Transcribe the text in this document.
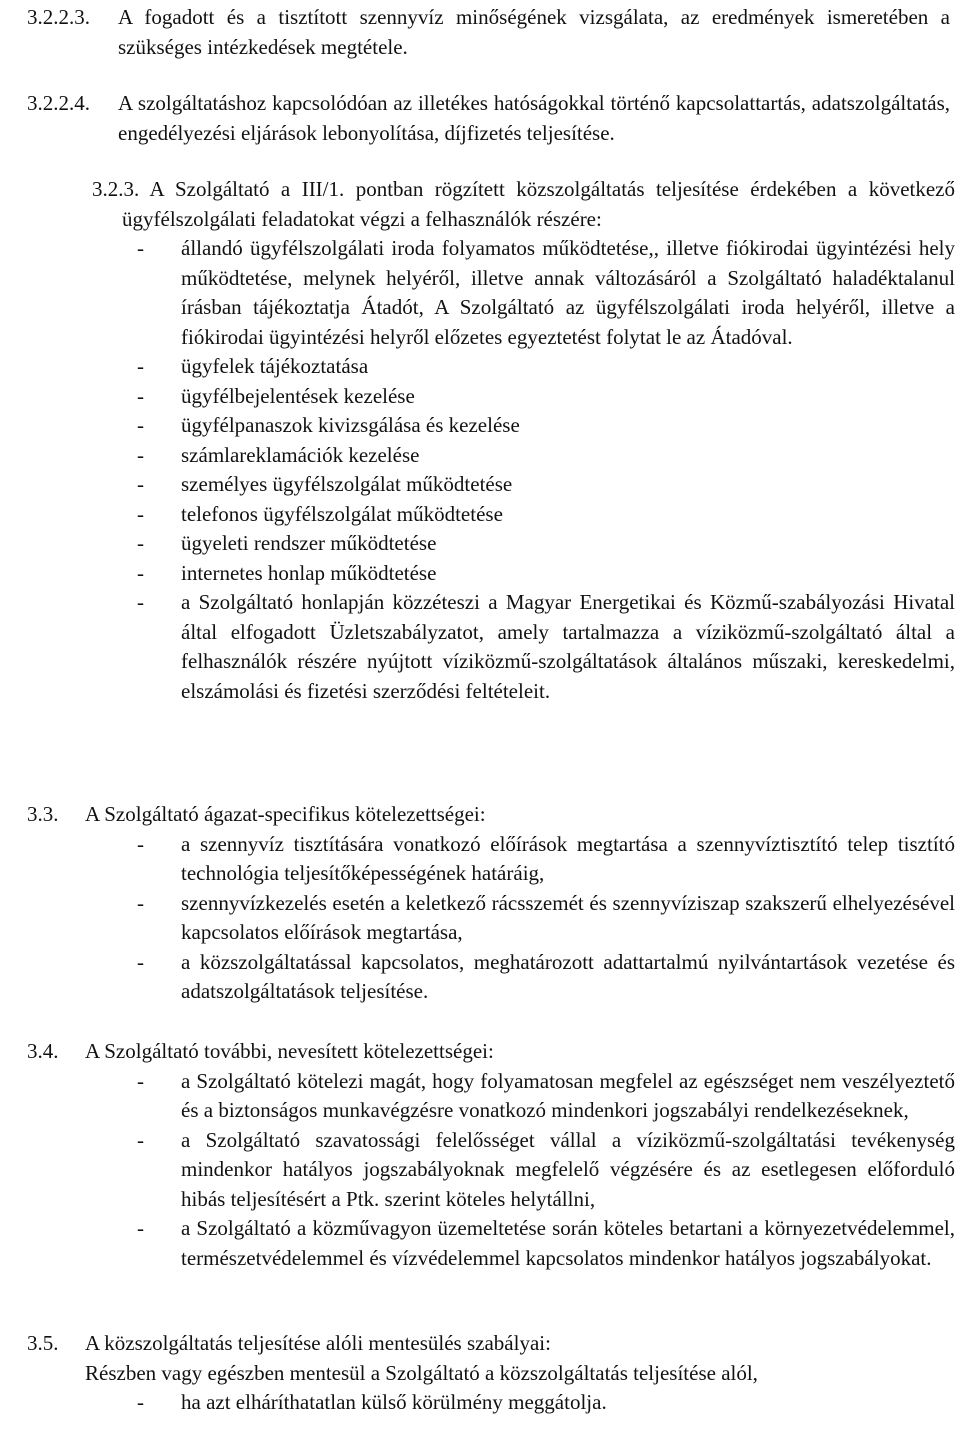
3.2.2.3.	A fogadott és a tisztított szennyvíz minőségének vizsgálata, az eredmények ismeretében a szükséges intézkedések megtétele.
3.2.2.4.	A szolgáltatáshoz kapcsolódóan az illetékes hatóságokkal történő kapcsolattartás, adatszolgáltatás, engedélyezési eljárások lebonyolítása, díjfizetés teljesítése.

3.2.3. A Szolgáltató a III/1. pontban rögzített közszolgáltatás teljesítése érdekében a következő ügyfélszolgálati feladatokat végzi a felhasználók részére:

-	állandó ügyfélszolgálati iroda folyamatos működtetése,, illetve fiókirodai ügyintézési hely működtetése, melynek helyéről, illetve annak változásáról a Szolgáltató haladéktalanul írásban tájékoztatja Átadót, A Szolgáltató az ügyfélszolgálati iroda helyéről, illetve a fiókirodai ügyintézési helyről előzetes egyeztetést folytat le az Átadóval.
-	ügyfelek tájékoztatása
-	ügyfélbejelentések kezelése
-	ügyfélpanaszok kivizsgálása és kezelése
-	számlareklamációk kezelése
-	személyes ügyfélszolgálat működtetése
-	telefonos ügyfélszolgálat működtetése
-	ügyeleti rendszer működtetése
-	internetes honlap működtetése
-	a Szolgáltató honlapján közzéteszi a Magyar Energetikai és Közmű-szabályozási Hivatal által elfogadott Üzletszabályzatot, amely tartalmazza a víziközmű-szolgáltató által a felhasználók részére nyújtott víziközmű-szolgáltatások általános műszaki, kereskedelmi, elszámolási és fizetési szerződési feltételeit.
3.3.	A Szolgáltató ágazat-specifikus kötelezettségei:
-	a szennyvíz tisztítására vonatkozó előírások megtartása a szennyvíztisztító telep tisztító technológia teljesítőképességének határáig,
-	szennyvízkezelés esetén a keletkező rácsszemét és szennyvíziszap szakszerű elhelyezésével kapcsolatos előírások megtartása,
-	a közszolgáltatással kapcsolatos, meghatározott adattartalmú nyilvántartások vezetése és adatszolgáltatások teljesítése.
3.4.	A Szolgáltató további, nevesített kötelezettségei:
-	a Szolgáltató kötelezi magát, hogy folyamatosan megfelel az egészséget nem veszélyeztető és a biztonságos munkavégzésre vonatkozó mindenkori jogszabályi rendelkezéseknek,
-	a Szolgáltató szavatossági felelősséget vállal a víziközmű-szolgáltatási tevékenység mindenkor hatályos jogszabályoknak megfelelő végzésére és az esetlegesen előforduló hibás teljesítésért a Ptk. szerint köteles helytállni,
-	a Szolgáltató a közművagyon üzemeltetése során köteles betartani a környezetvédelemmel, természetvédelemmel és vízvédelemmel kapcsolatos mindenkor hatályos jogszabályokat.
3.5.	A közszolgáltatás teljesítése alóli mentesülés szabályai:
Részben vagy egészben mentesül a Szolgáltató a közszolgáltatás teljesítése alól,
-	ha azt elháríthatatlan külső körülmény meggátolja.
